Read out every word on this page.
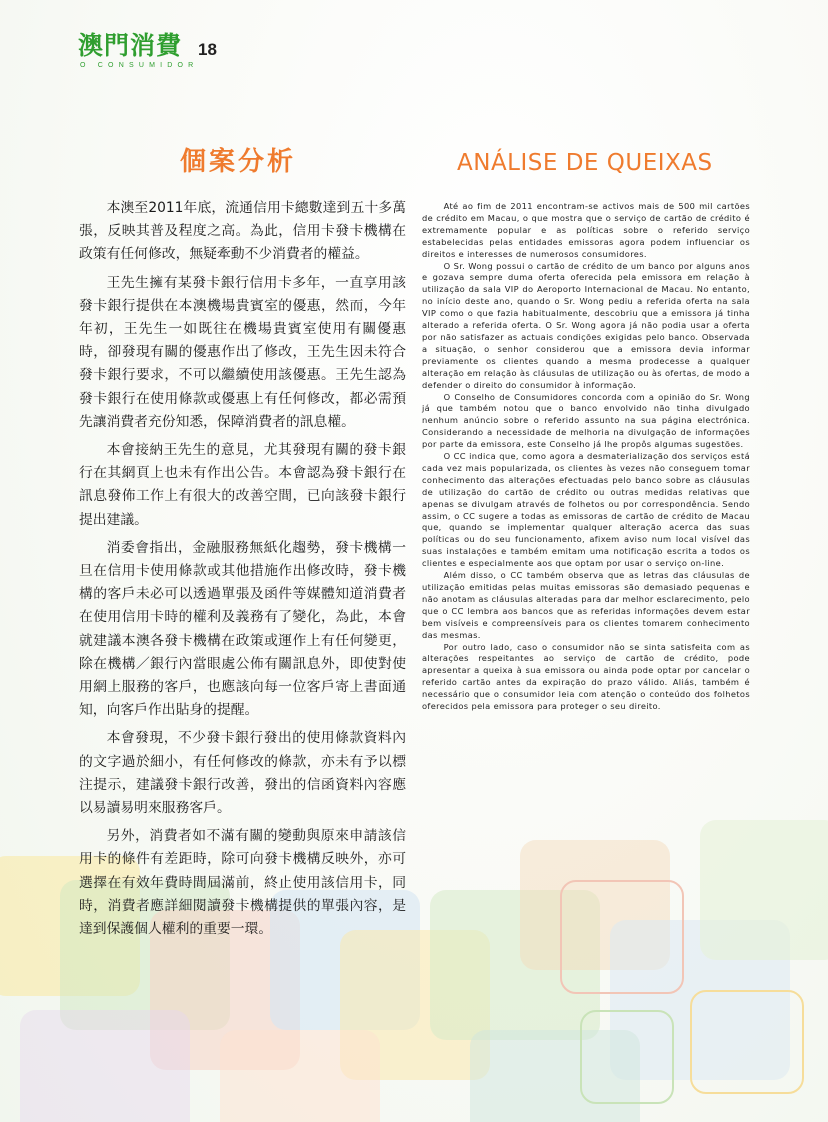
澳門消費
O CONSUMIDOR
18
個案分析	ANÁLISE DE QUEIXAS

本澳至2011年底，流通信用卡總數達到五十多萬張，反映其普及程度之高。為此，信用卡發卡機構在政策有任何修改，無疑牽動不少消費者的權益。

王先生擁有某發卡銀行信用卡多年，一直享用該發卡銀行提供在本澳機場貴賓室的優惠，然而，今年年初，王先生一如既往在機場貴賓室使用有關優惠時，卻發現有關的優惠作出了修改，王先生因未符合發卡銀行要求，不可以繼續使用該優惠。王先生認為發卡銀行在使用條款或優惠上有任何修改，都必需預先讓消費者充份知悉，保障消費者的訊息權。

本會接納王先生的意見，尤其發現有關的發卡銀行在其網頁上也未有作出公告。本會認為發卡銀行在訊息發佈工作上有很大的改善空間，已向該發卡銀行提出建議。

消委會指出，金融服務無紙化趨勢，發卡機構一旦在信用卡使用條款或其他措施作出修改時，發卡機構的客戶未必可以透過單張及函件等媒體知道消費者在使用信用卡時的權利及義務有了變化，為此，本會就建議本澳各發卡機構在政策或運作上有任何變更，除在機構／銀行內當眼處公佈有關訊息外，即使對使用網上服務的客戶，也應該向每一位客戶寄上書面通知，向客戶作出貼身的提醒。

本會發現，不少發卡銀行發出的使用條款資料內的文字過於細小，有任何修改的條款，亦未有予以標注提示，建議發卡銀行改善，發出的信函資料內容應以易讀易明來服務客戶。

另外，消費者如不滿有關的變動與原來申請該信用卡的條件有差距時，除可向發卡機構反映外，亦可選擇在有效年費時間屆滿前，終止使用該信用卡，同時，消費者應詳細閱讀發卡機構提供的單張內容，是達到保護個人權利的重要一環。

Até ao fim de 2011 encontram-se activos mais de 500 mil cartões de crédito em Macau, o que mostra que o serviço de cartão de crédito é extremamente popular e as políticas sobre o referido serviço estabelecidas pelas entidades emissoras agora podem influenciar os direitos e interesses de numerosos consumidores.

O Sr. Wong possui o cartão de crédito de um banco por alguns anos e gozava sempre duma oferta oferecida pela emissora em relação à utilização da sala VIP do Aeroporto Internacional de Macau. No entanto, no início deste ano, quando o Sr. Wong pediu a referida oferta na sala VIP como o que fazia habitualmente, descobriu que a emissora já tinha alterado a referida oferta. O Sr. Wong agora já não podia usar a oferta por não satisfazer as actuais condições exigidas pelo banco. Observada a situação, o senhor considerou que a emissora devia informar previamente os clientes quando a mesma prodecesse a qualquer alteração em relação às cláusulas de utilização ou às ofertas, de modo a defender o direito do consumidor à informação.

O Conselho de Consumidores concorda com a opinião do Sr. Wong já que também notou que o banco envolvido não tinha divulgado nenhum anúncio sobre o referido assunto na sua página electrónica. Considerando a necessidade de melhoria na divulgação de informações por parte da emissora, este Conselho já lhe propôs algumas sugestões.

O CC indica que, como agora a desmaterialização dos serviços está cada vez mais popularizada, os clientes às vezes não conseguem tomar conhecimento das alterações efectuadas pelo banco sobre as cláusulas de utilização do cartão de crédito ou outras medidas relativas que apenas se divulgam através de folhetos ou por correspondência. Sendo assim, o CC sugere a todas as emissoras de cartão de crédito de Macau que, quando se implementar qualquer alteração acerca das suas políticas ou do seu funcionamento, afixem aviso num local visível das suas instalações e também emitam uma notificação escrita a todos os clientes e especialmente aos que optam por usar o serviço on-line.

Além disso, o CC também observa que as letras das cláusulas de utilização emitidas pelas muitas emissoras são demasiado pequenas e não anotam as cláusulas alteradas para dar melhor esclarecimento, pelo que o CC lembra aos bancos que as referidas informações devem estar bem visíveis e compreensíveis para os clientes tomarem conhecimento das mesmas.

Por outro lado, caso o consumidor não se sinta satisfeita com as alterações respeitantes ao serviço de cartão de crédito, pode apresentar a queixa à sua emissora ou ainda pode optar por cancelar o referido cartão antes da expiração do prazo válido. Aliás, também é necessário que o consumidor leia com atenção o conteúdo dos folhetos oferecidos pela emissora para proteger o seu direito.
